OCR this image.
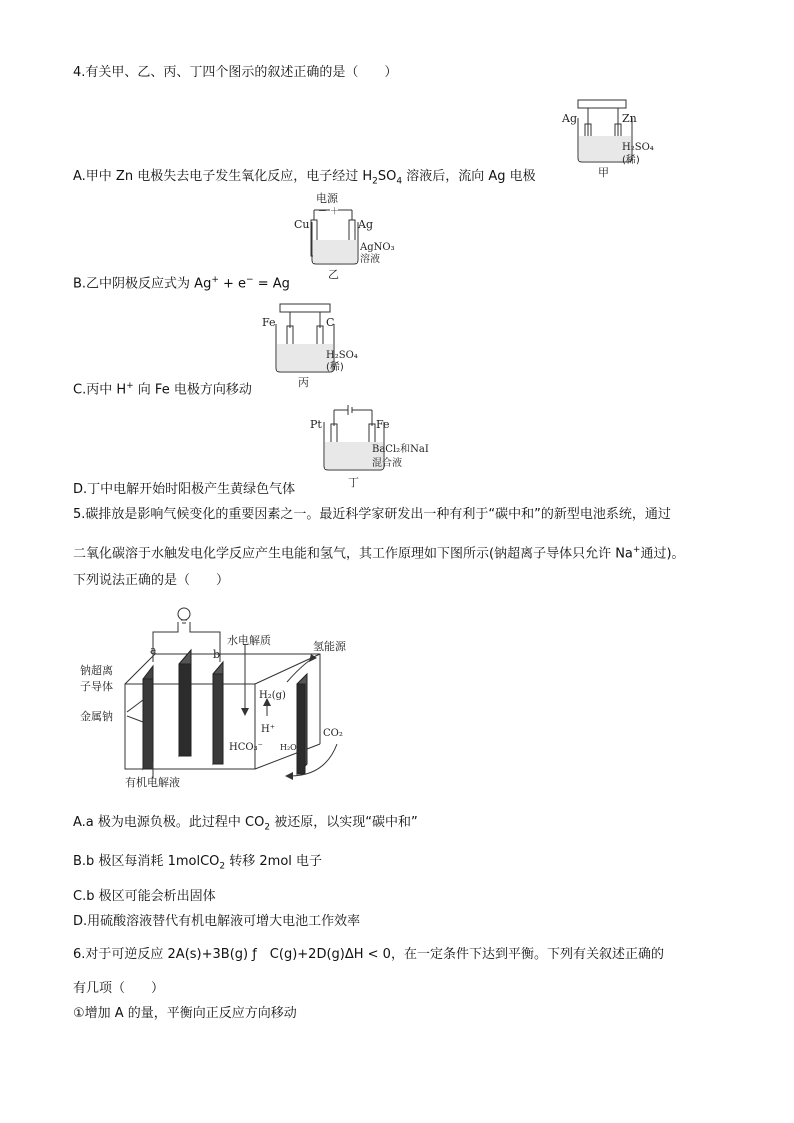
4.有关甲、乙、丙、丁四个图示的叙述正确的是（　　）
Ag	Zn
H₂SO₄
(稀)
甲
A.甲中 Zn 电极失去电子发生氧化反应，电子经过 $H_2SO_4$ 溶液后，流向 Ag 电极
电源
－ ＋
Cu	Ag
AgNO₃
溶液
乙
B.乙中阴极反应式为 Ag+ + e− = Ag
Fe	C
H₂SO₄
(稀)
丙
C.丙中 H+ 向 Fe 电极方向移动
Pt	Fe
BaCl₂和NaI
混合液
丁
D.丁中电解开始时阳极产生黄绿色气体
5.碳排放是影响气候变化的重要因素之一。最近科学家研发出一种有利于“碳中和”的新型电池系统，通过
二氧化碳溶于水触发电化学反应产生电能和氢气，其工作原理如下图所示(钠超离子导体只允许 Na+通过)。
下列说法正确的是（　　）
a	b
水电解质	氢能源
钠超离
子导体
金属钠
H₂(g)
H⁺
HCO₃⁻ H₂O
CO₂
有机电解液
A.a 极为电源负极。此过程中 $CO_2$ 被还原，以实现“碳中和”
B.b 极区每消耗 1molCO$_2$ 转移 2mol 电子
C.b 极区可能会析出固体
D.用硫酸溶液替代有机电解液可增大电池工作效率
6.对于可逆反应 2A(s)+3B(g) ƒ　C(g)+2D(g)ΔH < 0，在一定条件下达到平衡。下列有关叙述正确的
有几项（　　）
①增加 A 的量，平衡向正反应方向移动
